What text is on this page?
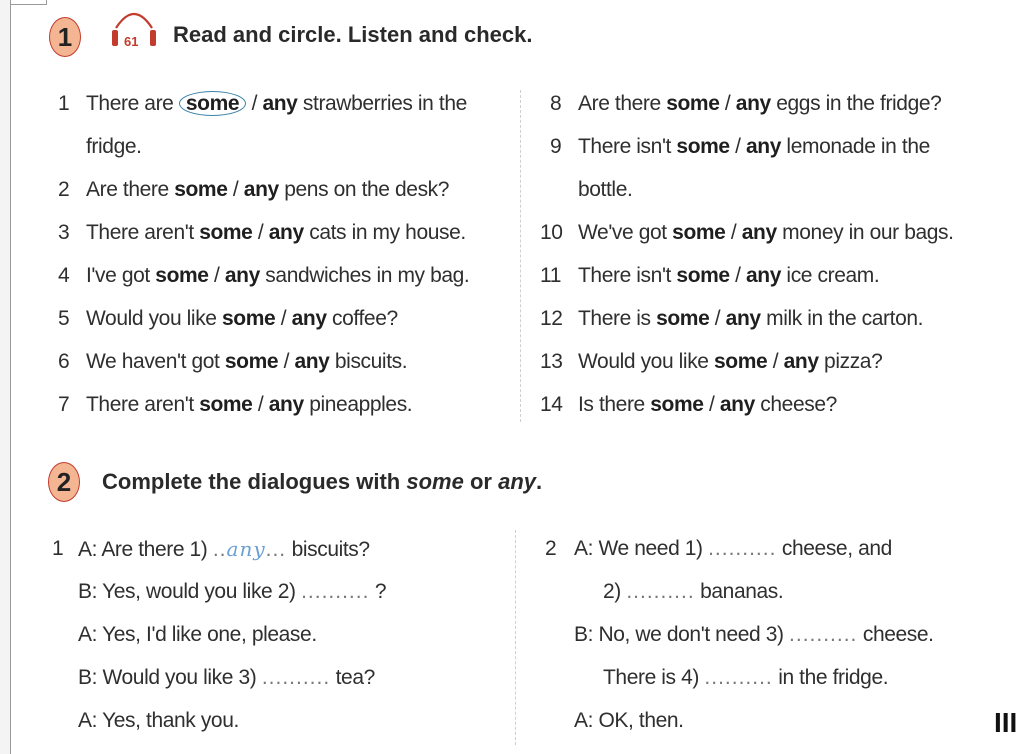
1	61 Read and circle. Listen and check.
1 There are some / any strawberries in the
fridge.
2 Are there some / any pens on the desk?
3 There aren't some / any cats in my house.
4 I've got some / any sandwiches in my bag.
5 Would you like some / any coffee?
6 We haven't got some / any biscuits.
7 There aren't some / any pineapples.
8 Are there some / any eggs in the fridge?
9 There isn't some / any lemonade in the
bottle.
10 We've got some / any money in our bags.
11 There isn't some / any ice cream.
12 There is some / any milk in the carton.
13 Would you like some / any pizza?
14 Is there some / any cheese?
2	Complete the dialogues with some or any.
1 A: Are there 1) ..any... biscuits?
B: Yes, would you like 2) .......... ?
A: Yes, I'd like one, please.
B: Would you like 3) .......... tea?
A: Yes, thank you.
2 A: We need 1) .......... cheese, and
2) .......... bananas.
B: No, we don't need 3) .......... cheese.
There is 4) .......... in the fridge.
A: OK, then.	III
